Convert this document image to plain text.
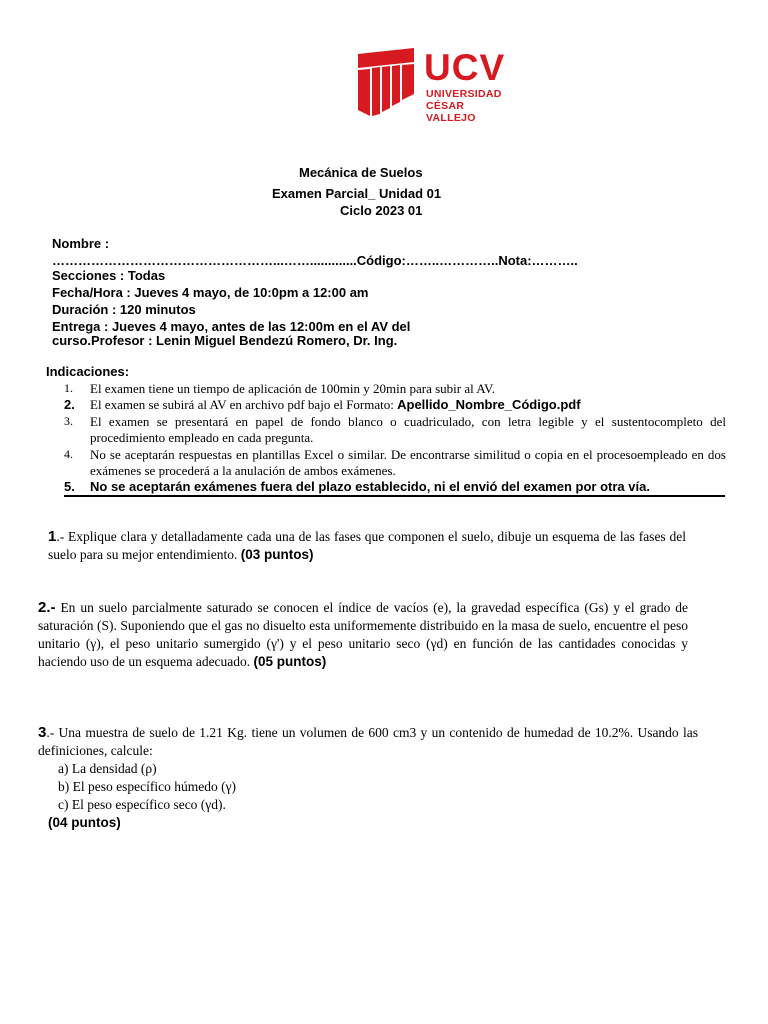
UCV
UNIVERSIDAD
CÉSAR VALLEJO
Mecánica de Suelos
Examen Parcial_ Unidad 01
Ciclo 2023 01
Nombre :
……………………………………………...…….............Código:……..…………..Nota:………..
Secciones : Todas
Fecha/Hora : Jueves 4 mayo, de 10:0pm a 12:00 am
Duración : 120 minutos
Entrega : Jueves 4 mayo, antes de las 12:00m en el AV del
curso.Profesor : Lenin Miguel Bendezú Romero, Dr. Ing.
Indicaciones:
1.	El examen tiene un tiempo de aplicación de 100min y 20min para subir al AV.
2.	El examen se subirá al AV en archivo pdf bajo el Formato: Apellido_Nombre_Código.pdf
3.	El examen se presentará en papel de fondo blanco o cuadriculado, con letra legible y el sustentocompleto del procedimiento empleado en cada pregunta.
4.	No se aceptarán respuestas en plantillas Excel o similar. De encontrarse similitud o copia en el procesoempleado en dos exámenes se procederá a la anulación de ambos exámenes.
5.	No se aceptarán exámenes fuera del plazo establecido, ni el envió del examen por otra vía.
1.- Explique clara y detalladamente cada una de las fases que componen el suelo, dibuje un esquema de las fases del suelo para su mejor entendimiento. (03 puntos)
2.- En un suelo parcialmente saturado se conocen el índice de vacíos (e), la gravedad específica (Gs) y el grado de saturación (S). Suponiendo que el gas no disuelto esta uniformemente distribuido en la masa de suelo, encuentre el peso unitario (γ), el peso unitario sumergido (γ') y el peso unitario seco (γd) en función de las cantidades conocidas y haciendo uso de un esquema adecuado. (05 puntos)
3.- Una muestra de suelo de 1.21 Kg. tiene un volumen de 600 cm3 y un contenido de humedad de 10.2%. Usando las definiciones, calcule:
a) La densidad (ρ)
b) El peso específico húmedo (γ)
c) El peso específico seco (γd).
(04 puntos)
